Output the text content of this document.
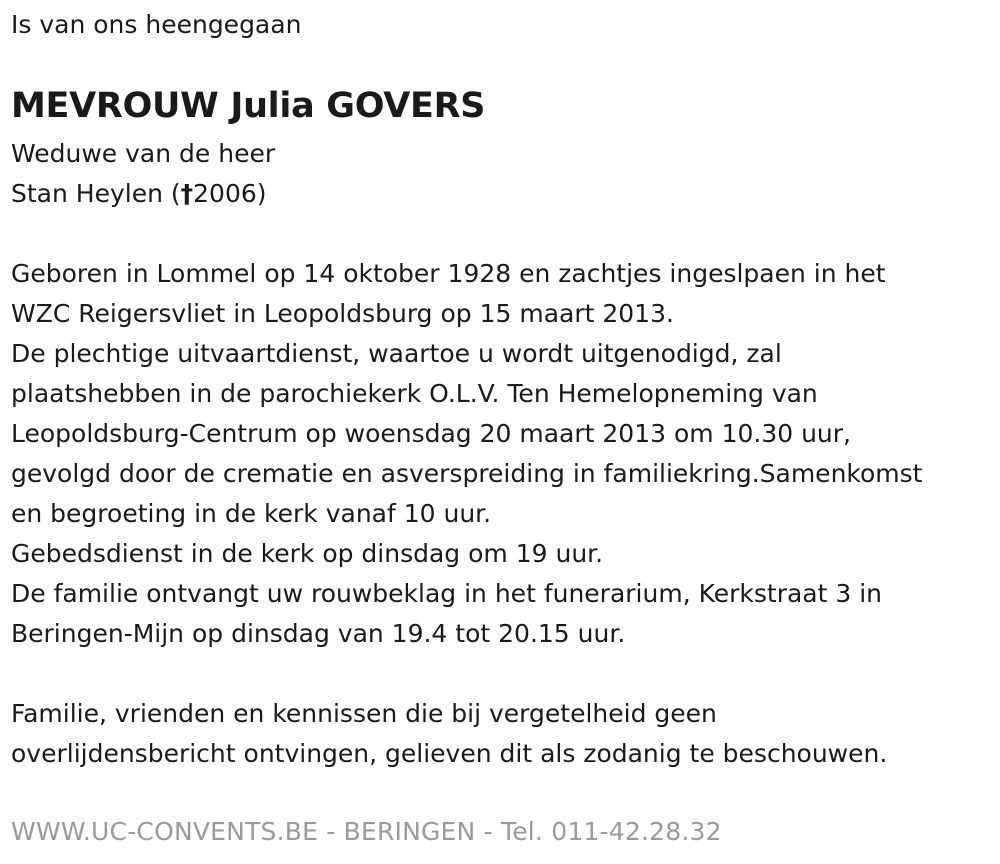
Is van ons heengegaan
MEVROUW Julia GOVERS
Weduwe van de heer
Stan Heylen (†2006)
Geboren in Lommel op 14 oktober 1928 en zachtjes ingeslpaen in het
WZC Reigersvliet in Leopoldsburg op 15 maart 2013.
De plechtige uitvaartdienst, waartoe u wordt uitgenodigd, zal
plaatshebben in de parochiekerk O.L.V. Ten Hemelopneming van
Leopoldsburg-Centrum op woensdag 20 maart 2013 om 10.30 uur,
gevolgd door de crematie en asverspreiding in familiekring.Samenkomst
en begroeting in de kerk vanaf 10 uur.
Gebedsdienst in de kerk op dinsdag om 19 uur.
De familie ontvangt uw rouwbeklag in het funerarium, Kerkstraat 3 in
Beringen-Mijn op dinsdag van 19.4 tot 20.15 uur.
Familie, vrienden en kennissen die bij vergetelheid geen
overlijdensbericht ontvingen, gelieven dit als zodanig te beschouwen.
WWW.UC-CONVENTS.BE - BERINGEN - Tel. 011-42.28.32
